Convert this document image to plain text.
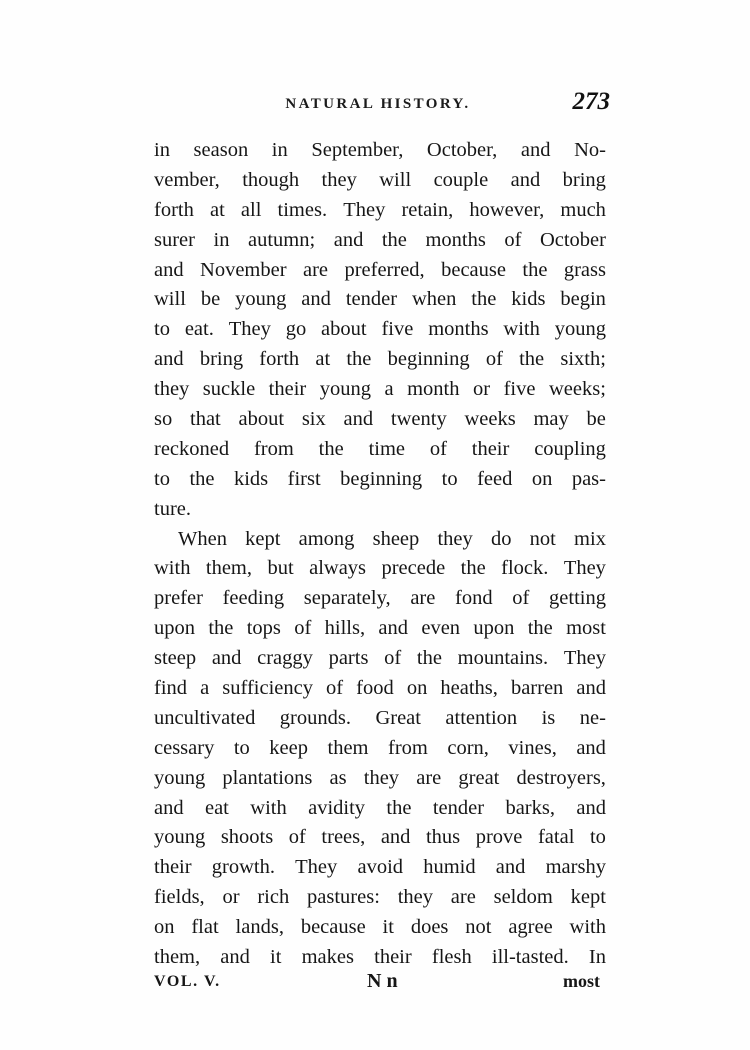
NATURAL HISTORY.	273
in season in September, October, and No-
vember, though they will couple and bring
forth at all times. They retain, however, much
surer in autumn; and the months of October
and November are preferred, because the grass
will be young and tender when the kids begin
to eat. They go about five months with young
and bring forth at the beginning of the sixth;
they suckle their young a month or five weeks;
so that about six and twenty weeks may be
reckoned from the time of their coupling
to the kids first beginning to feed on pas-
ture.
When kept among sheep they do not mix
with them, but always precede the flock. They
prefer feeding separately, are fond of getting
upon the tops of hills, and even upon the most
steep and craggy parts of the mountains. They
find a sufficiency of food on heaths, barren and
uncultivated grounds. Great attention is ne-
cessary to keep them from corn, vines, and
young plantations as they are great destroyers,
and eat with avidity the tender barks, and
young shoots of trees, and thus prove fatal to
their growth. They avoid humid and marshy
fields, or rich pastures: they are seldom kept
on flat lands, because it does not agree with
them, and it makes their flesh ill-tasted. In
VOL. V.	N n	most
